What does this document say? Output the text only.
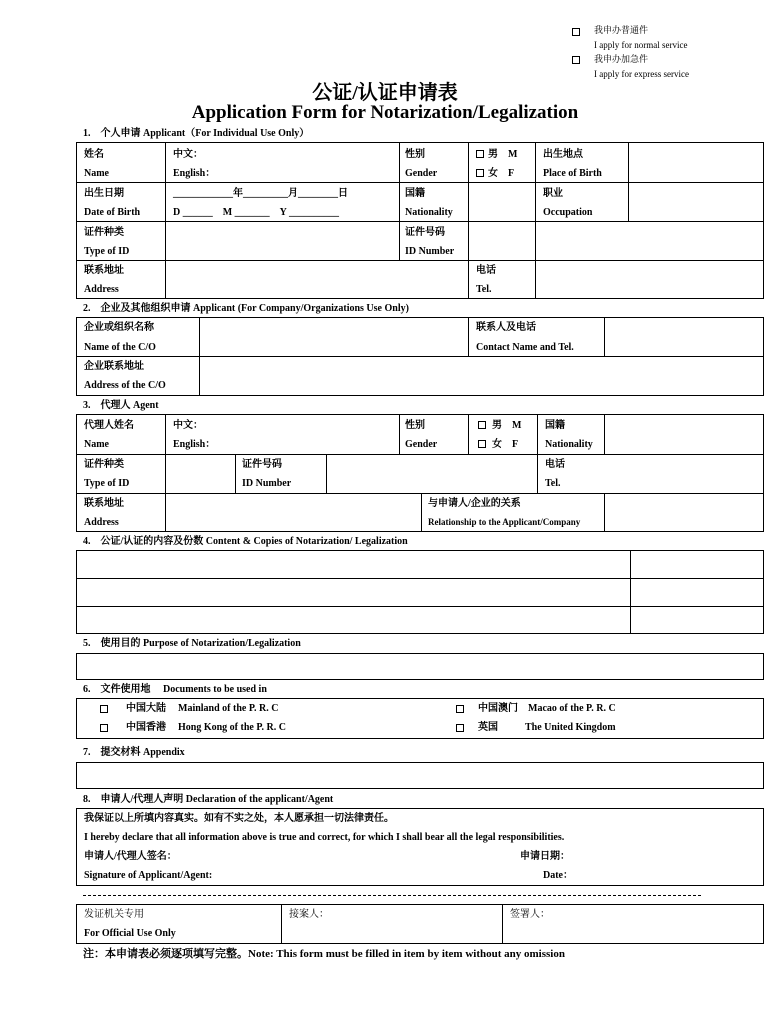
我申办普通件
I apply for normal service
我申办加急件
I apply for express service
公证/认证申请表
Application Form for Notarization/Legalization
1.　个人申请 Applicant（For Individual Use Only）
姓名
Name
中文：
English：
性别
Gender
男　M
女　F
出生地点
Place of Birth
出生日期
Date of Birth
____________年_________月________日
D ______　M _______　Y __________
国籍
Nationality
职业
Occupation
证件种类
Type of ID
证件号码
ID Number
联系地址
Address
电话
Tel.
2.　企业及其他组织申请 Applicant (For Company/Organizations Use Only)
企业或组织名称
Name of the C/O
联系人及电话
Contact Name and Tel.
企业联系地址
Address of the C/O
3.　代理人 Agent
代理人姓名
Name
中文：
English：
性别
Gender
男　M
女　F
国籍
Nationality
证件种类
Type of ID
证件号码
ID Number
电话
Tel.
联系地址
Address
与申请人/企业的关系
Relationship to the Applicant/Company
4.　公证/认证的内容及份数 Content & Copies of Notarization/ Legalization
5.　使用目的 Purpose of Notarization/Legalization
6.　文件使用地　 Documents to be used in
中国大陆 Mainland of the P. R. C
中国香港 Hong Kong of the P. R. C
中国澳门 Macao of the P. R. C
英国	The United Kingdom
7.　提交材料 Appendix
8.　申请人/代理人声明 Declaration of the applicant/Agent
我保证以上所填内容真实。如有不实之处，本人愿承担一切法律责任。
I hereby declare that all information above is true and correct, for which I shall bear all the legal responsibilities.
申请人/代理人签名：
Signature of Applicant/Agent:
申请日期：
Date：
发证机关专用
For Official Use Only
接案人：	签署人：
注：本申请表必须逐项填写完整。Note: This form must be filled in item by item without any omission
